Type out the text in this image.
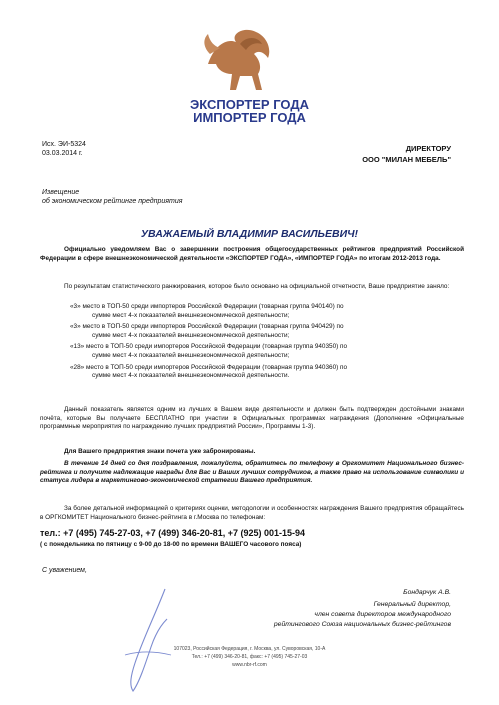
ЭКСПОРТЕР ГОДА
ИМПОРТЕР ГОДА
Исх. ЭИ-5324
03.03.2014 г.
ДИРЕКТОРУ
ООО "МИЛАН МЕБЕЛЬ"
Извещение
об экономическом рейтинге предприятия
УВАЖАЕМЫЙ ВЛАДИМИР ВАСИЛЬЕВИЧ!
Официально уведомляем Вас о завершении построения общегосударственных рейтингов предприятий Российской Федерации в сфере внешнеэкономической деятельности «ЭКСПОРТЕР ГОДА», «ИМПОРТЕР ГОДА» по итогам 2012-2013 года.
По результатам статистического ранжирования, которое было основано на официальной отчетности, Ваше предприятие заняло:
«3» место в ТОП-50 среди импортеров Российской Федерации (товарная группа 940140) по
сумме мест 4-х показателей внешнеэкономической деятельности;
«3» место в ТОП-50 среди импортеров Российской Федерации (товарная группа 940429) по
сумме мест 4-х показателей внешнеэкономической деятельности;
«13» место в ТОП-50 среди импортеров Российской Федерации (товарная группа 940350) по
сумме мест 4-х показателей внешнеэкономической деятельности;
«28» место в ТОП-50 среди импортеров Российской Федерации (товарная группа 940360) по
сумме мест 4-х показателей внешнеэкономической деятельности.
Данный показатель является одним из лучших в Вашем виде деятельности и должен быть подтвержден достойными знаками почёта, которые Вы получаете БЕСПЛАТНО при участии в Официальных программах награждения (Дополнение «Официальные программные мероприятия по награждению лучших предприятий России», Программы 1-3).
Для Вашего предприятия знаки почета уже забронированы.
В течение 14 дней со дня поздравления, пожалуйста, обратитесь по телефону в Оргкомитет Национального бизнес-рейтинга и получите надлежащие награды для Вас и Ваших лучших сотрудников, а также право на использование символики и статуса лидера в маркетингово-экономической стратегии Вашего предприятия.
За более детальной информацией о критериях оценки, методологии и особенностях награждения Вашего предприятия обращайтесь в ОРГКОМИТЕТ Национального бизнес-рейтинга в г.Москва по телефонам:
тел.: +7 (495) 745-27-03, +7 (499) 346-20-81, +7 (925) 001-15-94
( с понедельника по пятницу с 9-00 до 18-00 по времени ВАШЕГО часового пояса)
С уважением,
Бондарчук А.В.
Генеральный директор,
член совета директоров международного
рейтингового Союза национальных бизнес-рейтингов
107023, Российская Федерация, г. Москва, ул. Суворовская, 10-А
Тел.: +7 (499) 346-20-81, факс: +7 (495) 745-27-03
www.nbr-rf.com
